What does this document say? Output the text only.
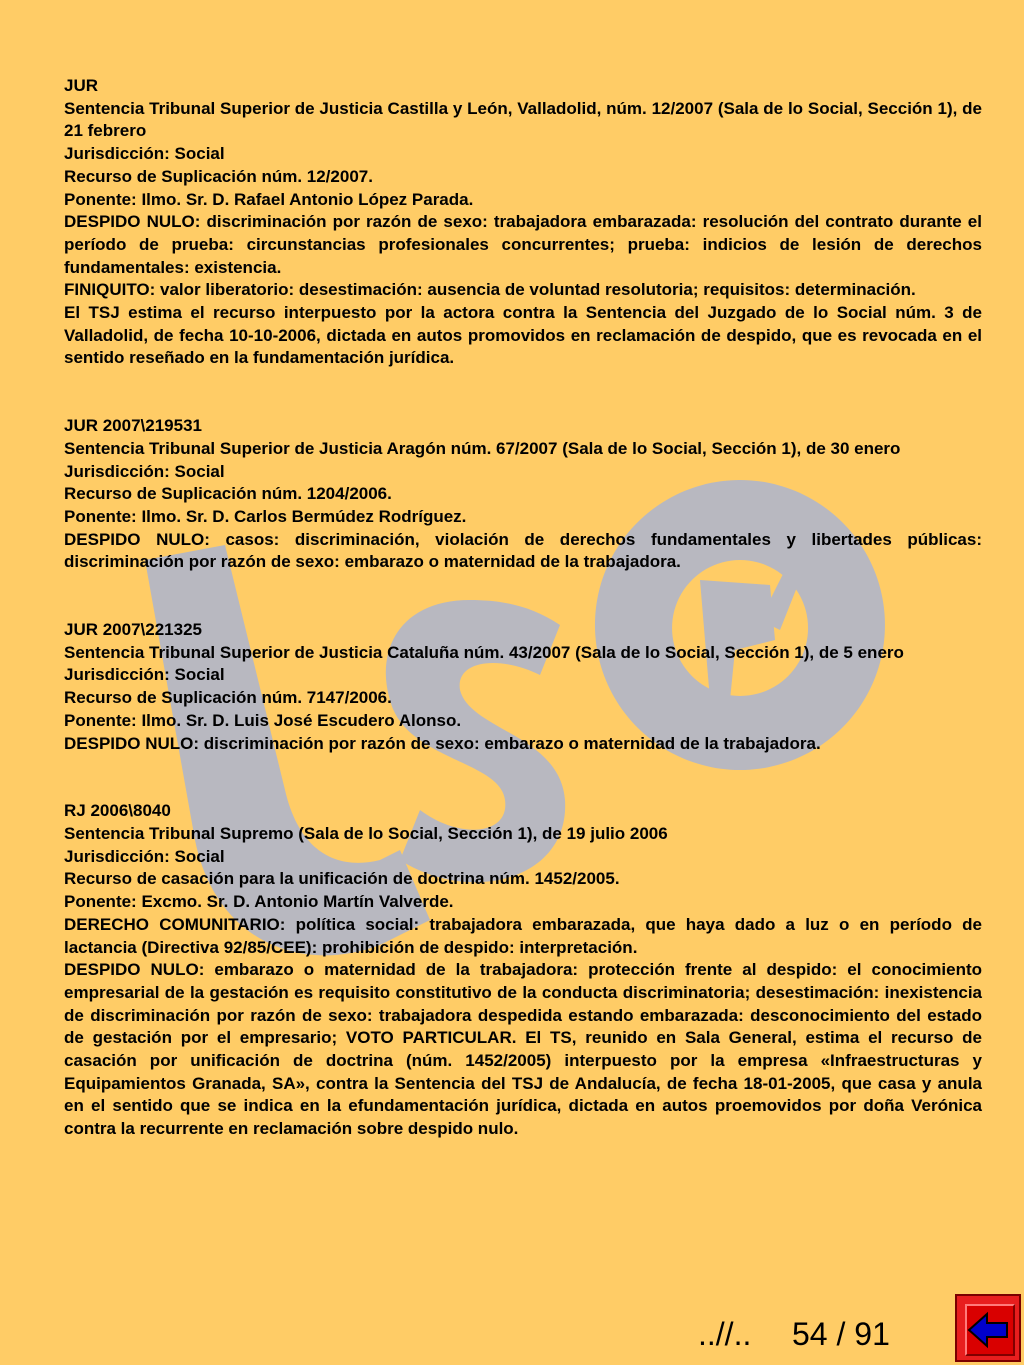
JUR

Sentencia Tribunal Superior de Justicia Castilla y León, Valladolid, núm. 12/2007 (Sala de lo Social, Sección 1), de 21 febrero

Jurisdicción: Social

Recurso de Suplicación núm. 12/2007.

Ponente: Ilmo. Sr. D. Rafael Antonio López Parada.

DESPIDO NULO: discriminación por razón de sexo: trabajadora embarazada: resolución del contrato durante el período de prueba: circunstancias profesionales concurrentes; prueba: indicios de lesión de derechos fundamentales: existencia.

FINIQUITO: valor liberatorio: desestimación: ausencia de voluntad resolutoria; requisitos: determinación.

El TSJ estima el recurso interpuesto por la actora contra la Sentencia del Juzgado de lo Social núm. 3 de Valladolid, de fecha 10-10-2006, dictada en autos promovidos en reclamación de despido, que es revocada en el sentido reseñado en la fundamentación jurídica.

JUR 2007\219531

Sentencia Tribunal Superior de Justicia Aragón núm. 67/2007 (Sala de lo Social, Sección 1), de 30 enero

Jurisdicción: Social

Recurso de Suplicación núm. 1204/2006.

Ponente: Ilmo. Sr. D. Carlos Bermúdez Rodríguez.

DESPIDO NULO: casos: discriminación, violación de derechos fundamentales y libertades públicas: discriminación por razón de sexo: embarazo o maternidad de la trabajadora.

JUR 2007\221325

Sentencia Tribunal Superior de Justicia Cataluña núm. 43/2007 (Sala de lo Social, Sección 1), de 5 enero

Jurisdicción: Social

Recurso de Suplicación núm. 7147/2006.

Ponente: Ilmo. Sr. D. Luis José Escudero Alonso.

DESPIDO NULO: discriminación por razón de sexo: embarazo o maternidad de la trabajadora.

RJ 2006\8040

Sentencia Tribunal Supremo (Sala de lo Social, Sección 1), de 19 julio 2006

Jurisdicción: Social

Recurso de casación para la unificación de doctrina núm. 1452/2005.

Ponente: Excmo. Sr. D. Antonio Martín Valverde.

DERECHO COMUNITARIO: política social: trabajadora embarazada, que haya dado a luz o en período de lactancia (Directiva 92/85/CEE): prohibición de despido: interpretación.

DESPIDO NULO: embarazo o maternidad de la trabajadora: protección frente al despido: el conocimiento empresarial de la gestación es requisito constitutivo de la conducta discriminatoria; desestimación: inexistencia de discriminación por razón de sexo: trabajadora despedida estando embarazada: desconocimiento del estado de gestación por el empresario; VOTO PARTICULAR. El TS, reunido en Sala General, estima el recurso de casación por unificación de doctrina (núm. 1452/2005) interpuesto por la empresa «Infraestructuras y Equipamientos Granada, SA», contra la Sentencia del TSJ de Andalucía, de fecha 18-01-2005, que casa y anula en el sentido que se indica en la efundamentación jurídica, dictada en autos proemovidos por doña Verónica contra la recurrente en reclamación sobre despido nulo.

..//.. 54 / 91
